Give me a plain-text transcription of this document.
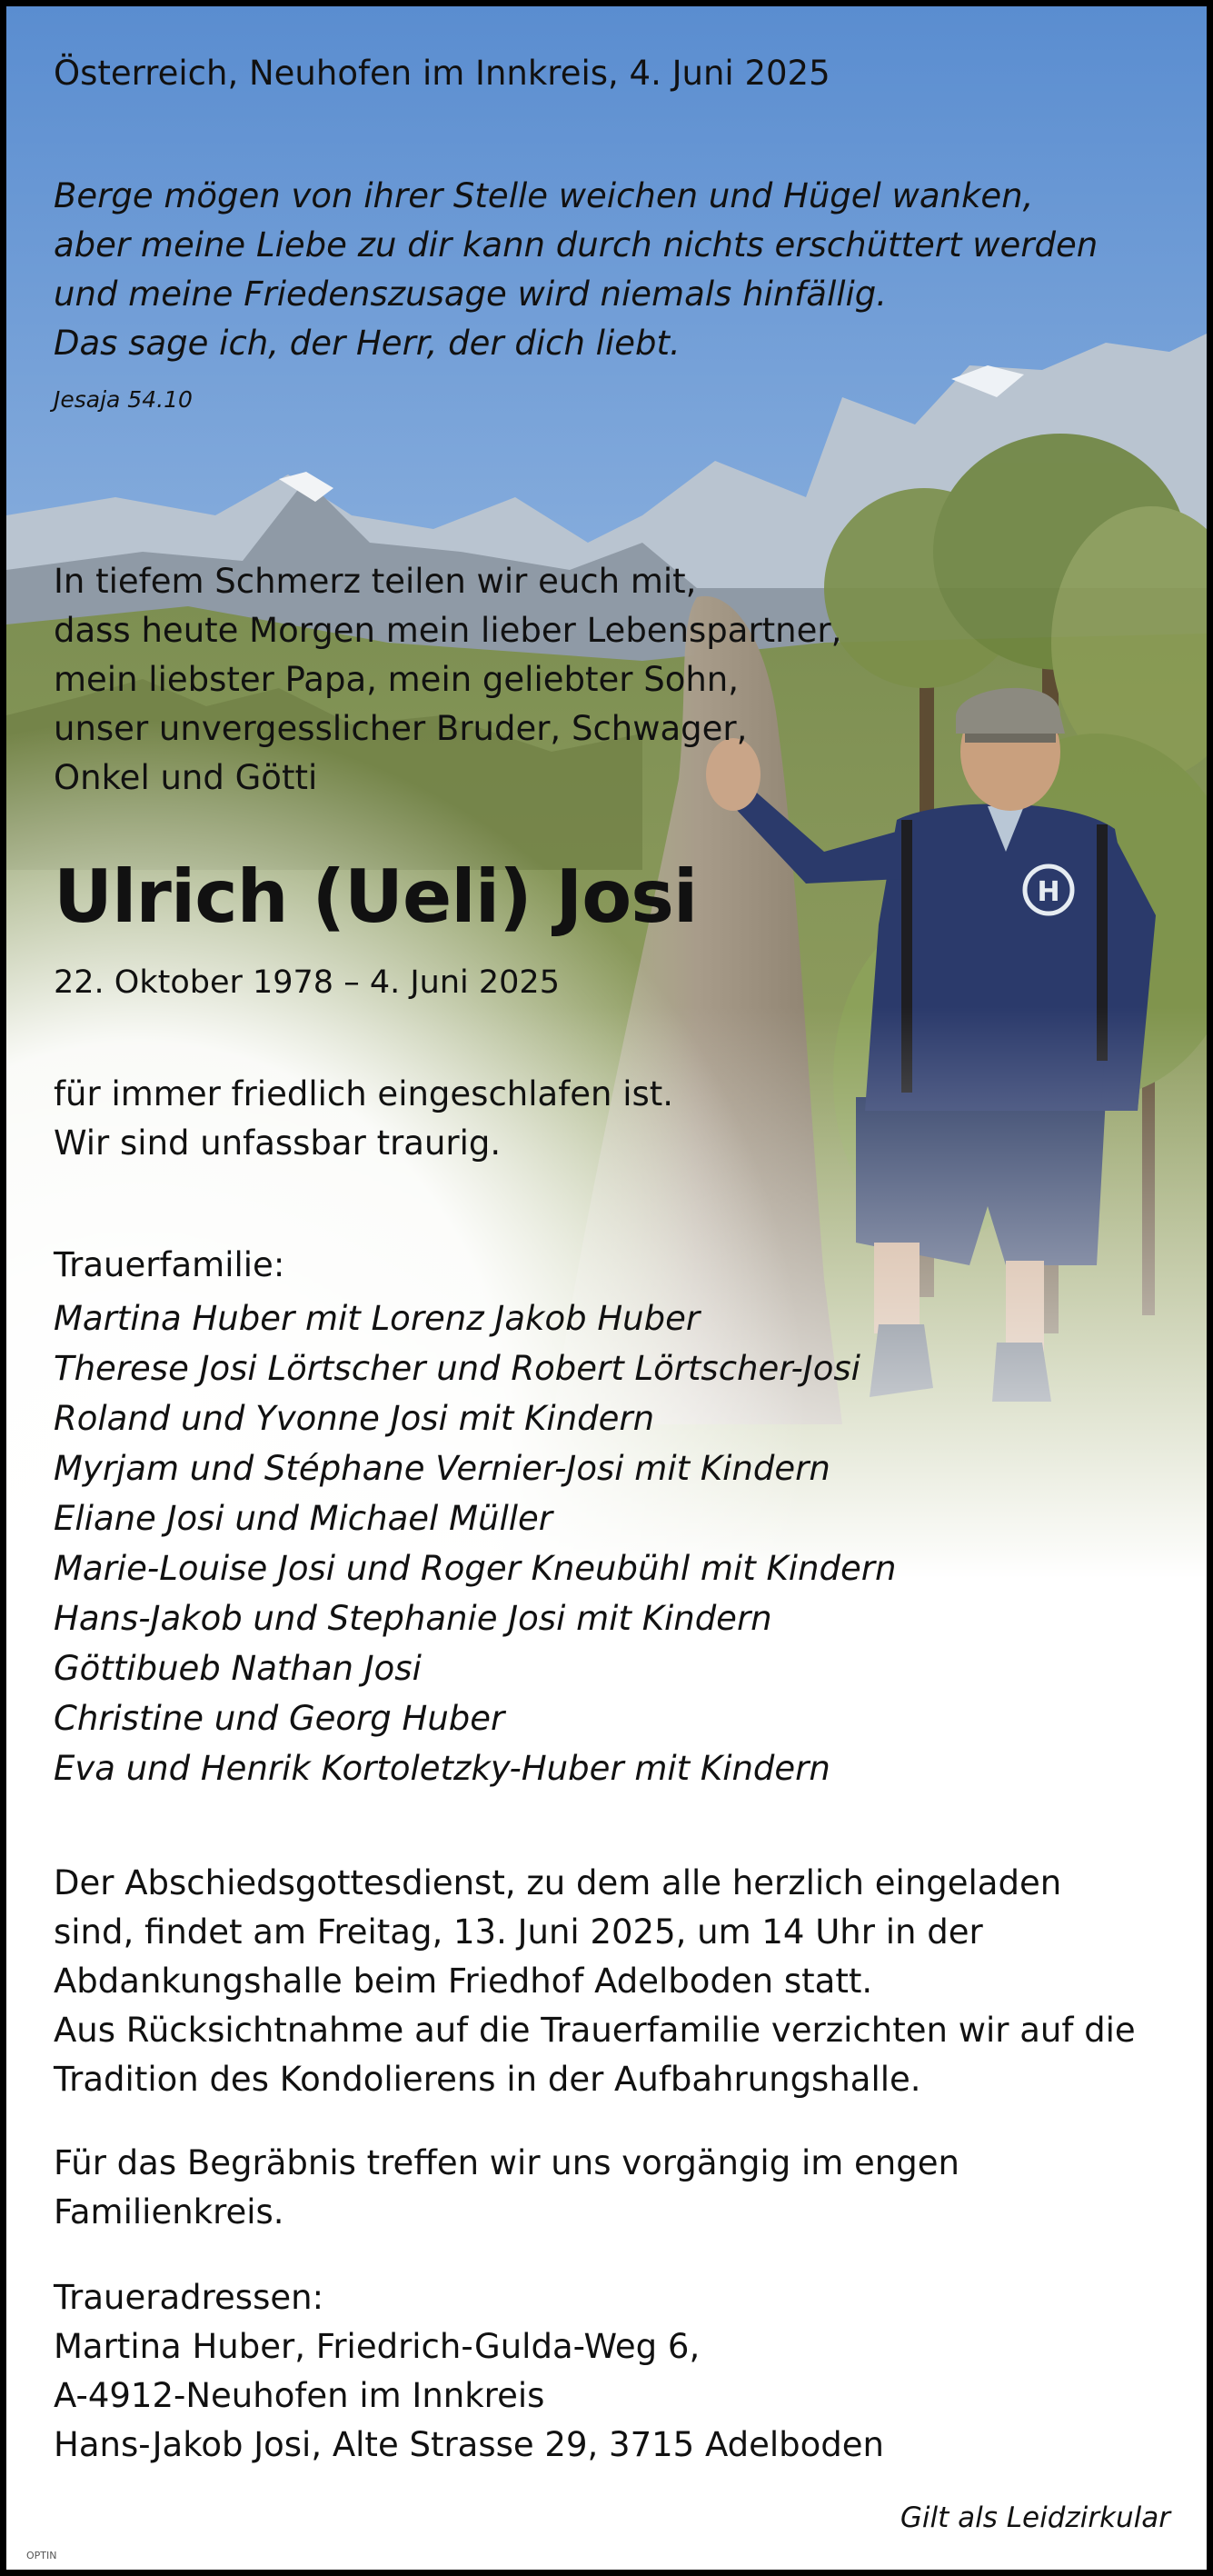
H
Österreich, Neuhofen im Innkreis, 4. Juni 2025
Berge mögen von ihrer Stelle weichen und Hügel wanken,
aber meine Liebe zu dir kann durch nichts erschüttert werden
und meine Friedenszusage wird niemals hinfällig.
Das sage ich, der Herr, der dich liebt.
Jesaja 54.10
In tiefem Schmerz teilen wir euch mit,
dass heute Morgen mein lieber Lebenspartner,
mein liebster Papa, mein geliebter Sohn,
unser unvergesslicher Bruder, Schwager,
Onkel und Götti
Ulrich (Ueli) Josi
22. Oktober 1978 – 4. Juni 2025
für immer friedlich eingeschlafen ist.
Wir sind unfassbar traurig.
Trauerfamilie:
Martina Huber mit Lorenz Jakob Huber
Therese Josi Lörtscher und Robert Lörtscher-Josi
Roland und Yvonne Josi mit Kindern
Myrjam und Stéphane Vernier-Josi mit Kindern
Eliane Josi und Michael Müller
Marie-Louise Josi und Roger Kneubühl mit Kindern
Hans-Jakob und Stephanie Josi mit Kindern
Göttibueb Nathan Josi
Christine und Georg Huber
Eva und Henrik Kortoletzky-Huber mit Kindern
Der Abschiedsgottesdienst, zu dem alle herzlich eingeladen
sind, findet am Freitag, 13. Juni 2025, um 14 Uhr in der
Abdankungshalle beim Friedhof Adelboden statt.
Aus Rücksichtnahme auf die Trauerfamilie verzichten wir auf die
Tradition des Kondolierens in der Aufbahrungshalle.
Für das Begräbnis treffen wir uns vorgängig im engen
Familienkreis.
Traueradressen:
Martina Huber, Friedrich-Gulda-Weg 6,
A-4912-Neuhofen im Innkreis
Hans-Jakob Josi, Alte Strasse 29, 3715 Adelboden
Gilt als Leidzirkular
OPTIN
